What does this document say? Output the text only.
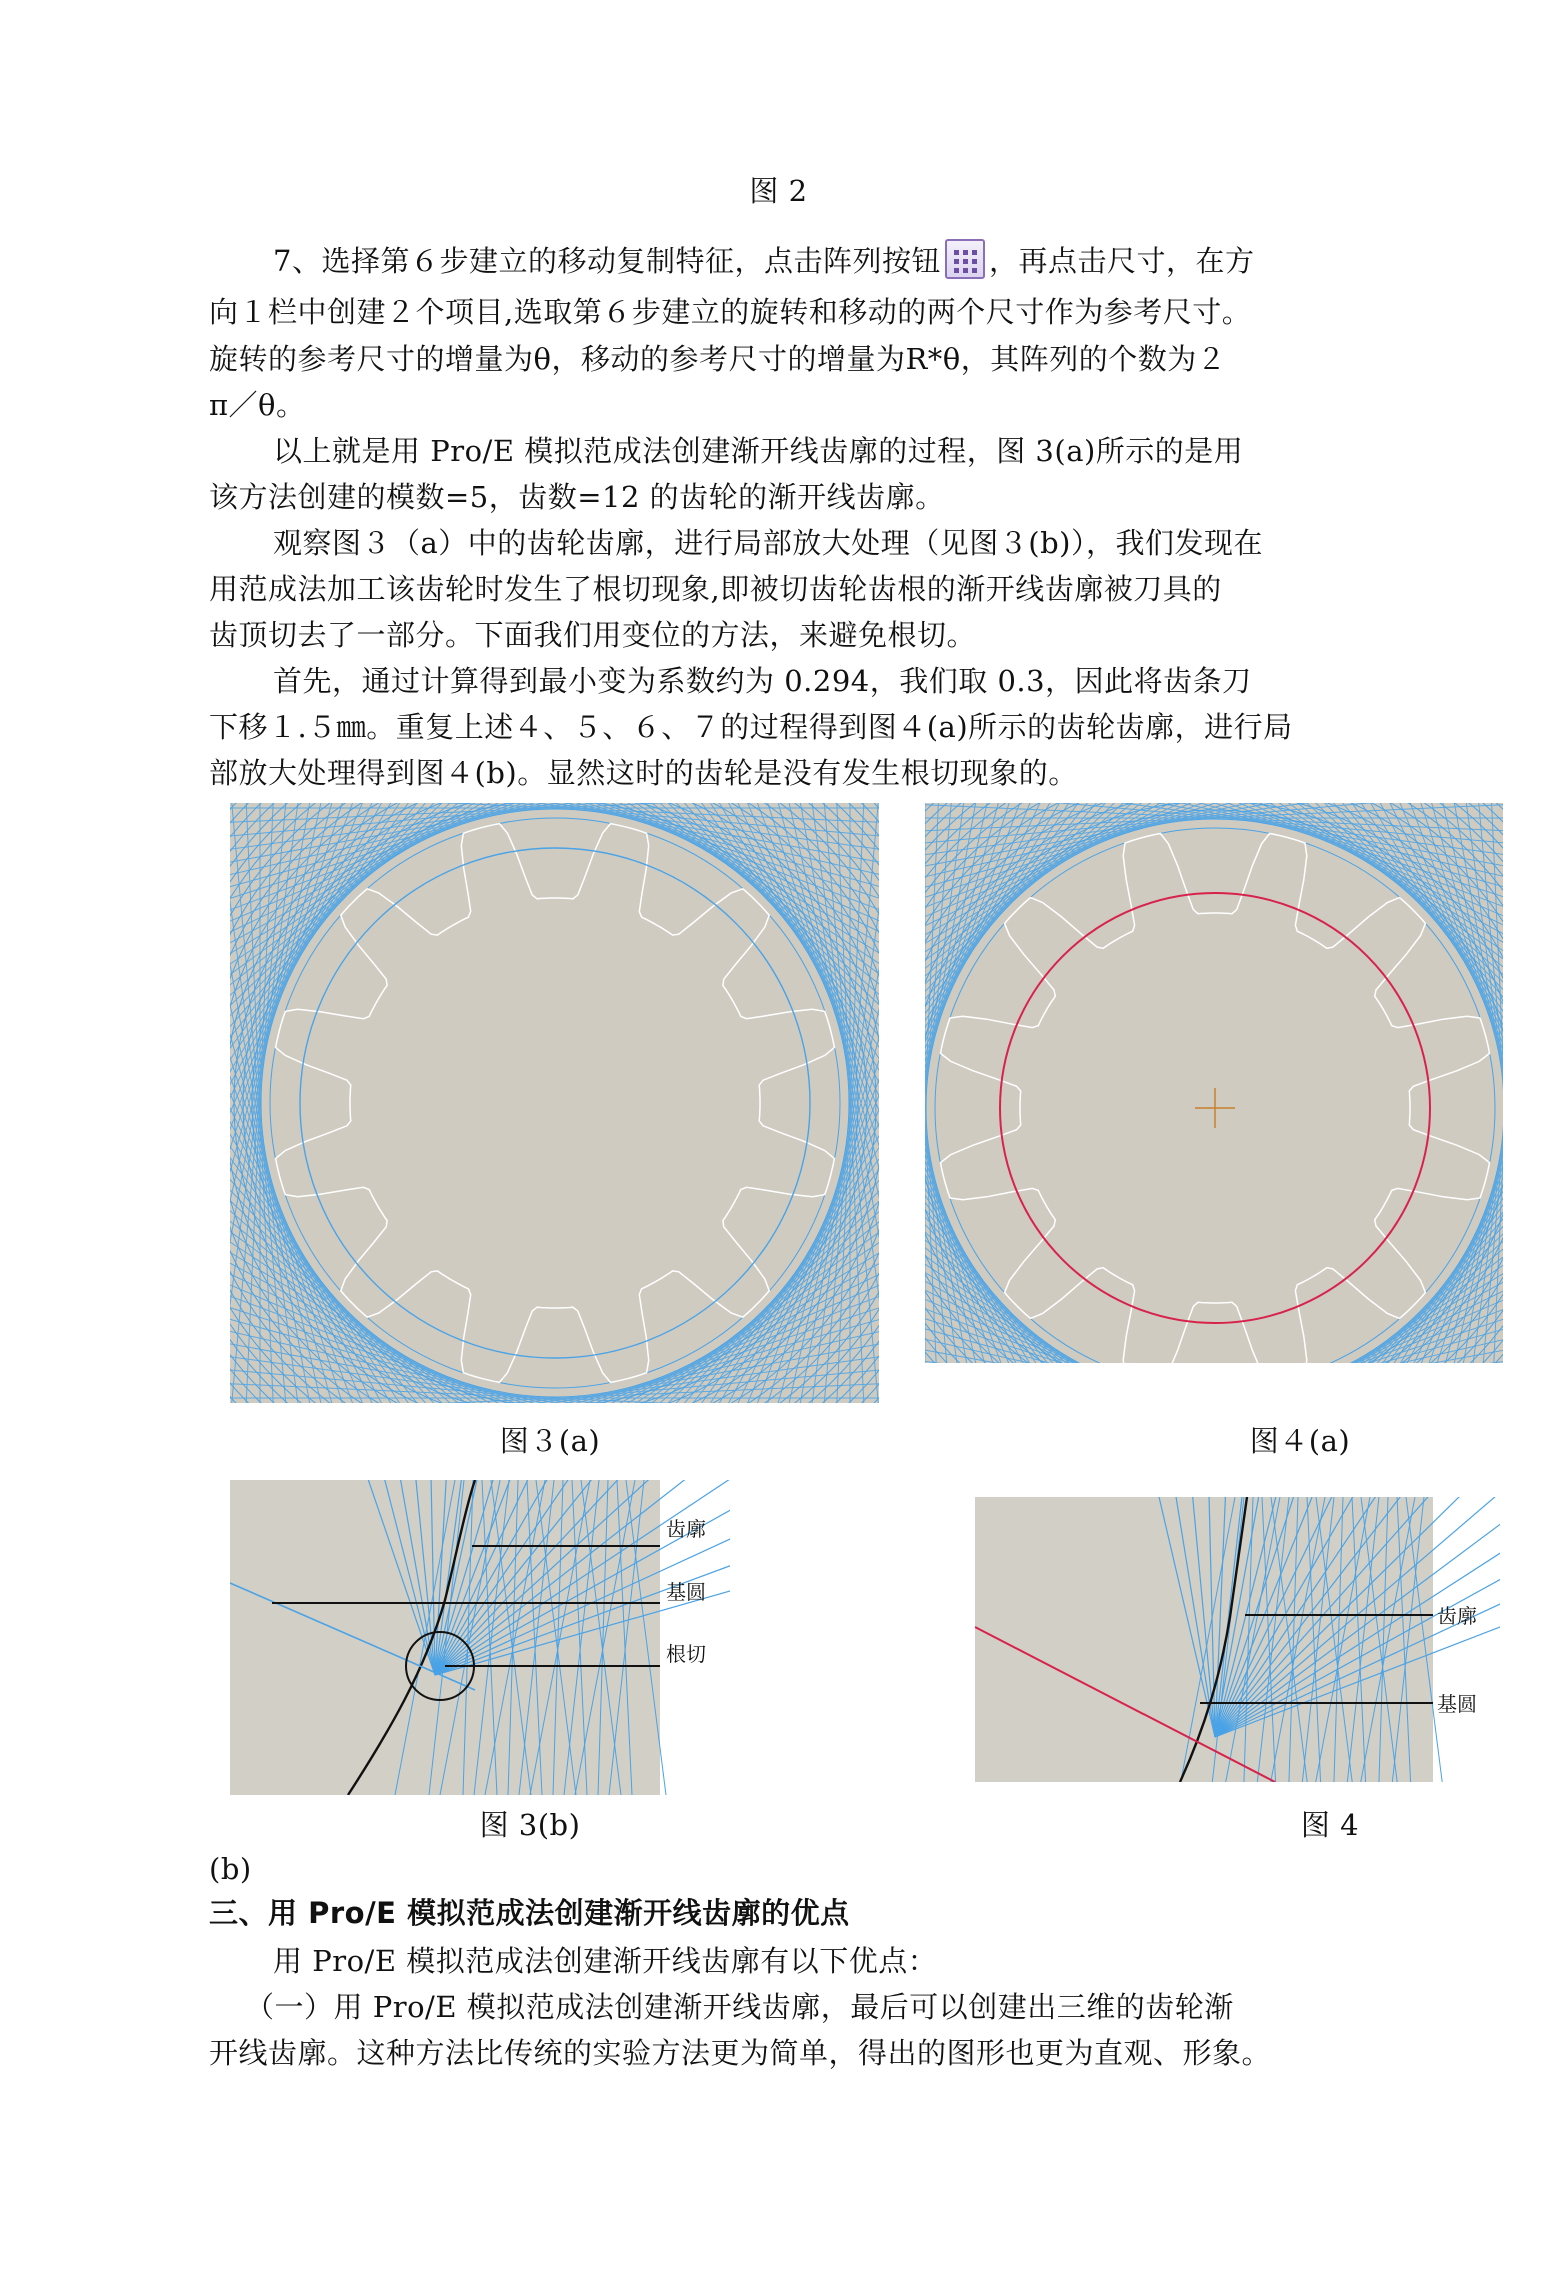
图 2
7、选择第６步建立的移动复制特征，点击阵列按钮 ，再点击尺寸，在方
向１栏中创建２个项目,选取第６步建立的旋转和移动的两个尺寸作为参考尺寸。
旋转的参考尺寸的增量为θ，移动的参考尺寸的增量为R*θ，其阵列的个数为２
π／θ。
以上就是用 Pro/E 模拟范成法创建渐开线齿廓的过程，图 3(a)所示的是用
该方法创建的模数=5，齿数=12 的齿轮的渐开线齿廓。
观察图３（a）中的齿轮齿廓，进行局部放大处理（见图３(b)），我们发现在
用范成法加工该齿轮时发生了根切现象,即被切齿轮齿根的渐开线齿廓被刀具的
齿顶切去了一部分。下面我们用变位的方法，来避免根切。
首先，通过计算得到最小变为系数约为 0.294，我们取 0.3，因此将齿条刀
下移１.５㎜。重复上述４、５、６、７的过程得到图４(a)所示的齿轮齿廓，进行局
部放大处理得到图４(b)。显然这时的齿轮是没有发生根切现象的。
图３(a)	图４(a)
齿廓
基圆
根切
图 3(b)
齿廓
基圆
图 4
(b)
三、用 Pro/E 模拟范成法创建渐开线齿廓的优点
用 Pro/E 模拟范成法创建渐开线齿廓有以下优点：
（一）用 Pro/E 模拟范成法创建渐开线齿廓，最后可以创建出三维的齿轮渐
开线齿廓。这种方法比传统的实验方法更为简单，得出的图形也更为直观、形象。
